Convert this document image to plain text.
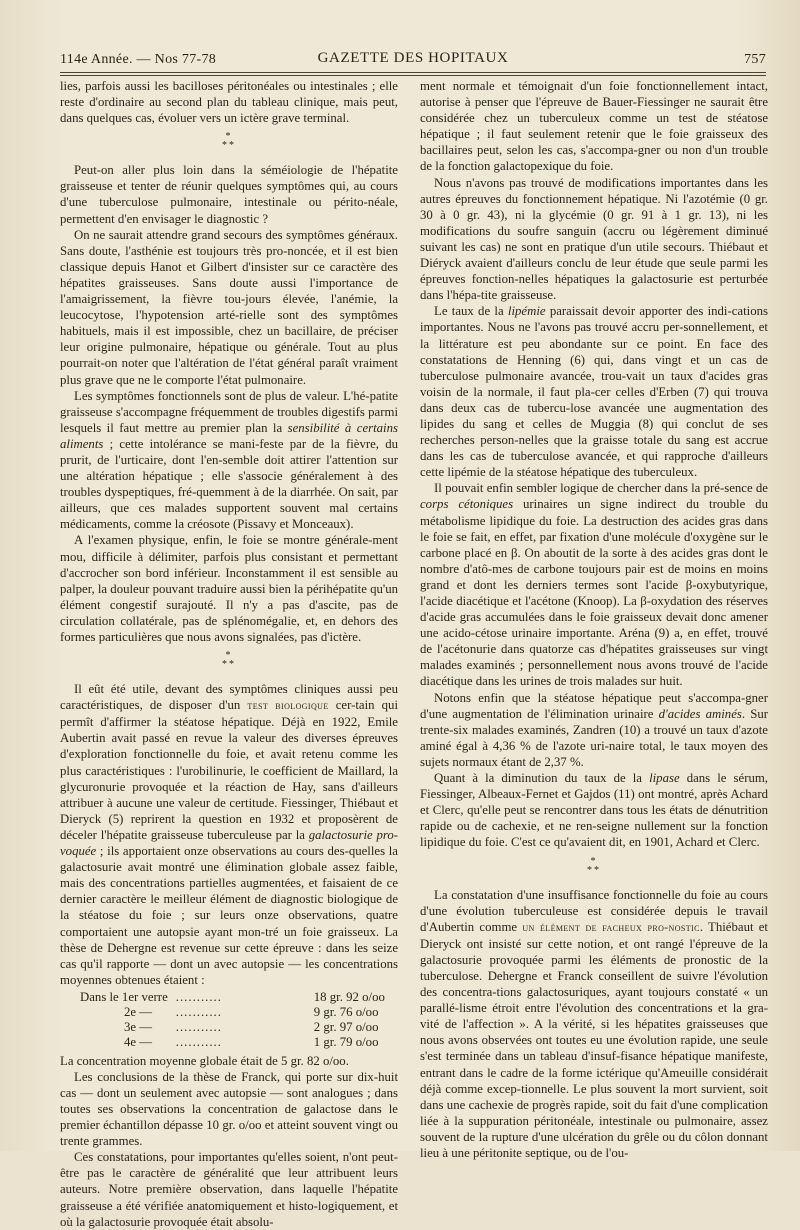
114e Année. — Nos 77-78	GAZETTE DES HOPITAUX	757

lies, parfois aussi les bacilloses péritonéales ou intestinales ; elle reste d'ordinaire au second plan du tableau clinique, mais peut, dans quelques cas, évoluer vers un ictère grave terminal.

*
**

Peut-on aller plus loin dans la séméiologie de l'hépatite graisseuse et tenter de réunir quelques symptômes qui, au cours d'une tuberculose pulmonaire, intestinale ou périto-néale, permettent d'en envisager le diagnostic ?

On ne saurait attendre grand secours des symptômes généraux. Sans doute, l'asthénie est toujours très pro-noncée, et il est bien classique depuis Hanot et Gilbert d'insister sur ce caractère des hépatites graisseuses. Sans doute aussi l'importance de l'amaigrissement, la fièvre tou-jours élevée, l'anémie, la leucocytose, l'hypotension arté-rielle sont des symptômes habituels, mais il est impossible, chez un bacillaire, de préciser leur origine pulmonaire, hépatique ou générale. Tout au plus pourrait-on noter que l'altération de l'état général paraît vraiment plus grave que ne le comporte l'état pulmonaire.

Les symptômes fonctionnels sont de plus de valeur. L'hé-patite graisseuse s'accompagne fréquemment de troubles digestifs parmi lesquels il faut mettre au premier plan la sensibilité à certains aliments ; cette intolérance se mani-feste par de la fièvre, du prurit, de l'urticaire, dont l'en-semble doit attirer l'attention sur une altération hépatique ; elle s'associe généralement à des troubles dyspeptiques, fré-quemment à de la diarrhée. On sait, par ailleurs, que ces malades supportent souvent mal certains médicaments, comme la créosote (Pissavy et Monceaux).

A l'examen physique, enfin, le foie se montre générale-ment mou, difficile à délimiter, parfois plus consistant et permettant d'accrocher son bord inférieur. Inconstamment il est sensible au palper, la douleur pouvant traduire aussi bien la périhépatite qu'un élément congestif surajouté. Il n'y a pas d'ascite, pas de circulation collatérale, pas de splénomégalie, et, en dehors des formes particulières que nous avons signalées, pas d'ictère.

*
**

Il eût été utile, devant des symptômes cliniques aussi peu caractéristiques, de disposer d'un test biologique cer-tain qui permît d'affirmer la stéatose hépatique. Déjà en 1922, Emile Aubertin avait passé en revue la valeur des diverses épreuves d'exploration fonctionnelle du foie, et avait retenu comme les plus caractéristiques : l'urobilinurie, le coefficient de Maillard, la glycuronurie provoquée et la réaction de Hay, sans d'ailleurs attribuer à aucune une valeur de certitude. Fiessinger, Thiébaut et Dieryck (5) reprirent la question en 1932 et proposèrent de déceler l'hépatite graisseuse tuberculeuse par la galactosurie pro-voquée ; ils apportaient onze observations au cours des-quelles la galactosurie avait montré une élimination globale assez faible, mais des concentrations partielles augmentées, et faisaient de ce dernier caractère le meilleur élément de diagnostic biologique de la stéatose du foie ; sur leurs onze observations, quatre comportaient une autopsie ayant mon-tré un foie graisseux. La thèse de Dehergne est revenue sur cette épreuve : dans les seize cas qu'il rapporte — dont un avec autopsie — les concentrations moyennes obtenues étaient :

Dans le 1er verre	...........	18 gr. 92 o/oo
2e —	...........	9 gr. 76 o/oo
3e —	...........	2 gr. 97 o/oo
4e —	...........	1 gr. 79 o/oo

La concentration moyenne globale était de 5 gr. 82 o/oo.

Les conclusions de la thèse de Franck, qui porte sur dix-huit cas — dont un seulement avec autopsie — sont analogues ; dans toutes ses observations la concentration de galactose dans le premier échantillon dépasse 10 gr. o/oo et atteint souvent vingt ou trente grammes.

Ces constatations, pour importantes qu'elles soient, n'ont peut-être pas le caractère de généralité que leur attribuent leurs auteurs. Notre première observation, dans laquelle l'hépatite graisseuse a été vérifiée anatomiquement et histo-logiquement, et où la galactosurie provoquée était absolu-

ment normale et témoignait d'un foie fonctionnellement intact, autorise à penser que l'épreuve de Bauer-Fiessinger ne saurait être considérée chez un tuberculeux comme un test de stéatose hépatique ; il faut seulement retenir que le foie graisseux des bacillaires peut, selon les cas, s'accompa-gner ou non d'un trouble de la fonction galactopexique du foie.

Nous n'avons pas trouvé de modifications importantes dans les autres épreuves du fonctionnement hépatique. Ni l'azotémie (0 gr. 30 à 0 gr. 43), ni la glycémie (0 gr. 91 à 1 gr. 13), ni les modifications du soufre sanguin (accru ou légèrement diminué suivant les cas) ne sont en pratique d'un utile secours. Thiébaut et Diéryck avaient d'ailleurs conclu de leur étude que seule parmi les épreuves fonction-nelles hépatiques la galactosurie est perturbée dans l'hépa-tite graisseuse.

Le taux de la lipémie paraissait devoir apporter des indi-cations importantes. Nous ne l'avons pas trouvé accru per-sonnellement, et la littérature est peu abondante sur ce point. En face des constatations de Henning (6) qui, dans vingt et un cas de tuberculose pulmonaire avancée, trou-vait un taux d'acides gras voisin de la normale, il faut pla-cer celles d'Erben (7) qui trouva dans deux cas de tubercu-lose avancée une augmentation des lipides du sang et celles de Muggia (8) qui conclut de ses recherches person-nelles que la graisse totale du sang est accrue dans les cas de tuberculose avancée, et qui rapproche d'ailleurs cette lipémie de la stéatose hépatique des tuberculeux.

Il pouvait enfin sembler logique de chercher dans la pré-sence de corps cétoniques urinaires un signe indirect du trouble du métabolisme lipidique du foie. La destruction des acides gras dans le foie se fait, en effet, par fixation d'une molécule d'oxygène sur le carbone placé en β. On aboutit de la sorte à des acides gras dont le nombre d'atô-mes de carbone toujours pair est de moins en moins grand et dont les derniers termes sont l'acide β-oxybutyrique, l'acide diacétique et l'acétone (Knoop). La β-oxydation des réserves d'acide gras accumulées dans le foie graisseux devait donc amener une acido-cétose urinaire importante. Aréna (9) a, en effet, trouvé de l'acétonurie dans quatorze cas d'hépatites graisseuses sur vingt malades examinés ; personnellement nous avons trouvé de l'acide diacétique dans les urines de trois malades sur huit.

Notons enfin que la stéatose hépatique peut s'accompa-gner d'une augmentation de l'élimination urinaire d'acides aminés. Sur trente-six malades examinés, Zandren (10) a trouvé un taux d'azote aminé égal à 4,36 % de l'azote uri-naire total, le taux moyen des sujets normaux étant de 2,37 %.

Quant à la diminution du taux de la lipase dans le sérum, Fiessinger, Albeaux-Fernet et Gajdos (11) ont montré, après Achard et Clerc, qu'elle peut se rencontrer dans tous les états de dénutrition rapide ou de cachexie, et ne ren-seigne nullement sur la fonction lipidique du foie. C'est ce qu'avaient dit, en 1901, Achard et Clerc.

*
**

La constatation d'une insuffisance fonctionnelle du foie au cours d'une évolution tuberculeuse est considérée depuis le travail d'Aubertin comme un élément de facheux pro-nostic. Thiébaut et Dieryck ont insisté sur cette notion, et ont rangé l'épreuve de la galactosurie provoquée parmi les éléments de pronostic de la tuberculose. Dehergne et Franck conseillent de suivre l'évolution des concentra-tions galactosuriques, ayant toujours constaté « un parallé-lisme étroit entre l'évolution des concentrations et la gra-vité de l'affection ». A la vérité, si les hépatites graisseuses que nous avons observées ont toutes eu une évolution rapide, une seule s'est terminée dans un tableau d'insuf-fisance hépatique manifeste, entrant dans le cadre de la forme ictérique qu'Ameuille considérait déjà comme excep-tionnelle. Le plus souvent la mort survient, soit dans une cachexie de progrès rapide, soit du fait d'une complication liée à la suppuration péritonéale, intestinale ou pulmonaire, assez souvent de la rupture d'une ulcération du grêle ou du côlon donnant lieu à une péritonite septique, ou de l'ou-
